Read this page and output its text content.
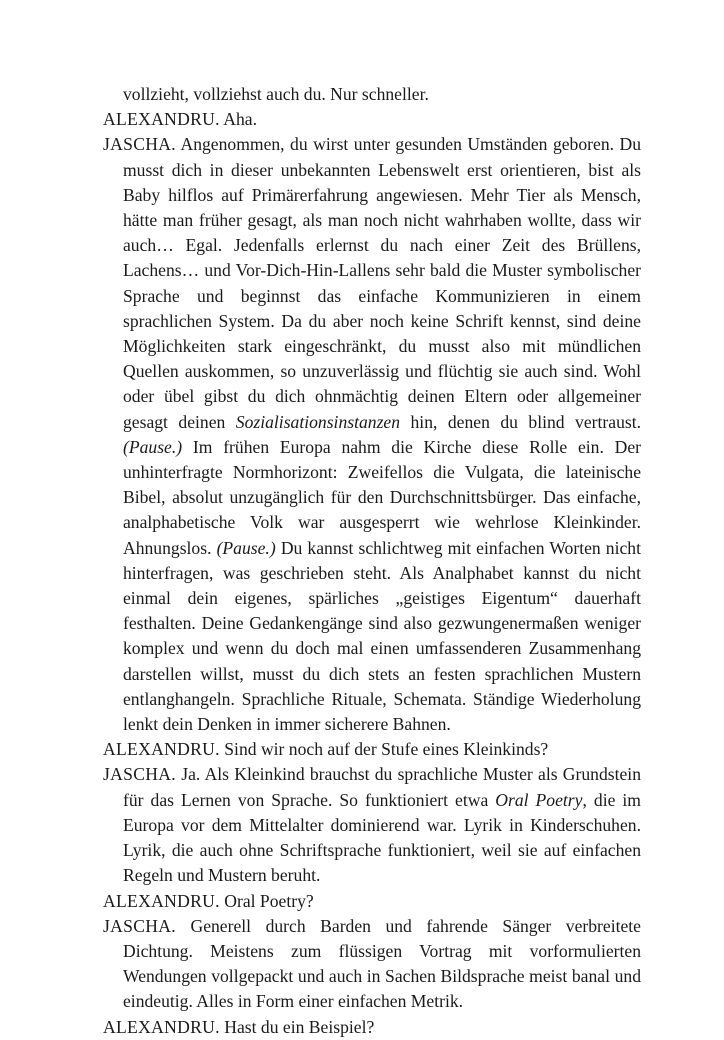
vollzieht, vollziehst auch du. Nur schneller.

ALEXANDRU. Aha.

JASCHA. Angenommen, du wirst unter gesunden Umständen geboren. Du musst dich in dieser unbekannten Lebenswelt erst orientieren, bist als Baby hilflos auf Primärerfahrung angewiesen. Mehr Tier als Mensch, hätte man früher gesagt, als man noch nicht wahrhaben wollte, dass wir auch… Egal. Jedenfalls erlernst du nach einer Zeit des Brüllens, Lachens… und Vor-Dich-Hin-Lallens sehr bald die Muster symbolischer Sprache und beginnst das einfache Kommunizieren in einem sprachlichen System. Da du aber noch keine Schrift kennst, sind deine Möglichkeiten stark eingeschränkt, du musst also mit mündlichen Quellen auskommen, so unzuverlässig und flüchtig sie auch sind. Wohl oder übel gibst du dich ohnmächtig deinen Eltern oder allgemeiner gesagt deinen Sozialisationsinstanzen hin, denen du blind vertraust. (Pause.) Im frühen Europa nahm die Kirche diese Rolle ein. Der unhinterfragte Normhorizont: Zweifellos die Vulgata, die lateinische Bibel, absolut unzugänglich für den Durchschnittsbürger. Das einfache, analphabetische Volk war ausgesperrt wie wehrlose Kleinkinder. Ahnungslos. (Pause.) Du kannst schlichtweg mit einfachen Worten nicht hinterfragen, was geschrieben steht. Als Analphabet kannst du nicht einmal dein eigenes, spärliches „geistiges Eigentum“ dauerhaft festhalten. Deine Gedankengänge sind also gezwungenermaßen weniger komplex und wenn du doch mal einen umfassenderen Zusammenhang darstellen willst, musst du dich stets an festen sprachlichen Mustern entlanghangeln. Sprachliche Rituale, Schemata. Ständige Wiederholung lenkt dein Denken in immer sicherere Bahnen.

ALEXANDRU. Sind wir noch auf der Stufe eines Kleinkinds?

JASCHA. Ja. Als Kleinkind brauchst du sprachliche Muster als Grundstein für das Lernen von Sprache. So funktioniert etwa Oral Poetry, die im Europa vor dem Mittelalter dominierend war. Lyrik in Kinderschuhen. Lyrik, die auch ohne Schriftsprache funktioniert, weil sie auf einfachen Regeln und Mustern beruht.

ALEXANDRU. Oral Poetry?

JASCHA. Generell durch Barden und fahrende Sänger verbreitete Dichtung. Meistens zum flüssigen Vortrag mit vorformulierten Wendungen vollgepackt und auch in Sachen Bildsprache meist banal und eindeutig. Alles in Form einer einfachen Metrik.

ALEXANDRU. Hast du ein Beispiel?
